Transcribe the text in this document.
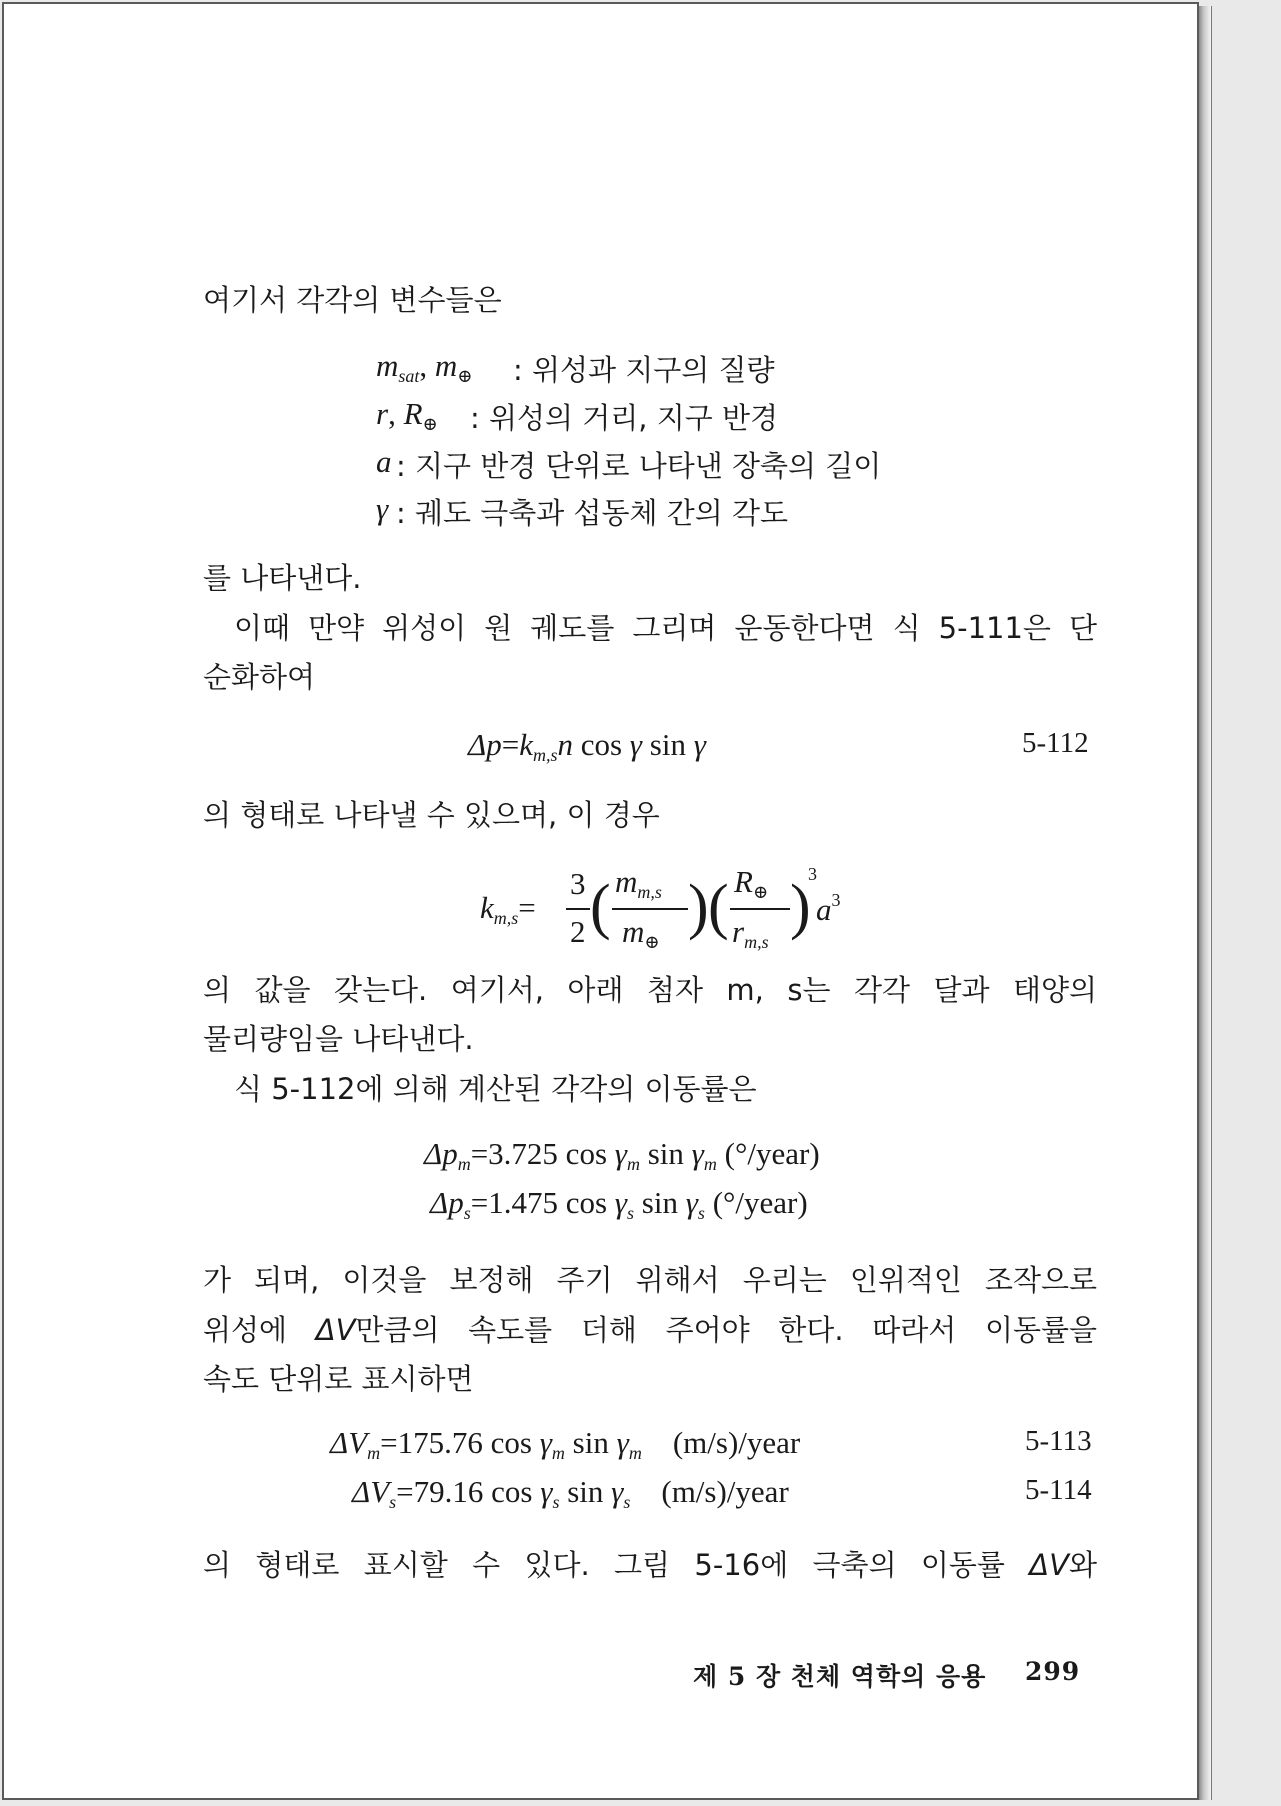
여기서 각각의 변수들은
$m_{sat}$, $m_\oplus$ : 위성과 지구의 질량
r, $R_\oplus$ : 위성의 거리, 지구 반경
a : 지구 반경 단위로 나타낸 장축의 길이
γ : 궤도 극축과 섭동체 간의 각도
를 나타낸다.
이때 만약 위성이 원 궤도를 그리며 운동한다면 식 5-111은 단
순화하여
$\Delta p=k_{m,s}n$ cos γ sin γ	5-112
의 형태로 나타낼 수 있으며, 이 경우
$k_{m,s}=$
3
2 ( $m_{m,s}$
$m_\oplus$
) ( $R_\oplus$
$r_{m,s}$
)
3
$a^3$
의 값을 갖는다. 여기서, 아래 첨자 m, s는 각각 달과 태양의
물리량임을 나타낸다.
식 5-112에 의해 계산된 각각의 이동률은
$\Delta p_m=3.725$ $\cos \gamma_m$ $\sin \gamma_m$ (°/year)
$\Delta p_s=1.475$ $\cos \gamma_s$ $\sin \gamma_s$ (°/year)
가 되며, 이것을 보정해 주기 위해서 우리는 인위적인 조작으로
위성에 ΔV만큼의 속도를 더해 주어야 한다. 따라서 이동률을
속도 단위로 표시하면
$\Delta V_m=175.76$ $\cos \gamma_m$ $\sin \gamma_m$    (m/s)/year	5-113
$\Delta V_s=79.16$ $\cos \gamma_s$ $\sin \gamma_s$    (m/s)/year	5-114
의 형태로 표시할 수 있다. 그림 5-16에 극축의 이동률 ΔV와
제 5 장 천체 역학의 응용 299
